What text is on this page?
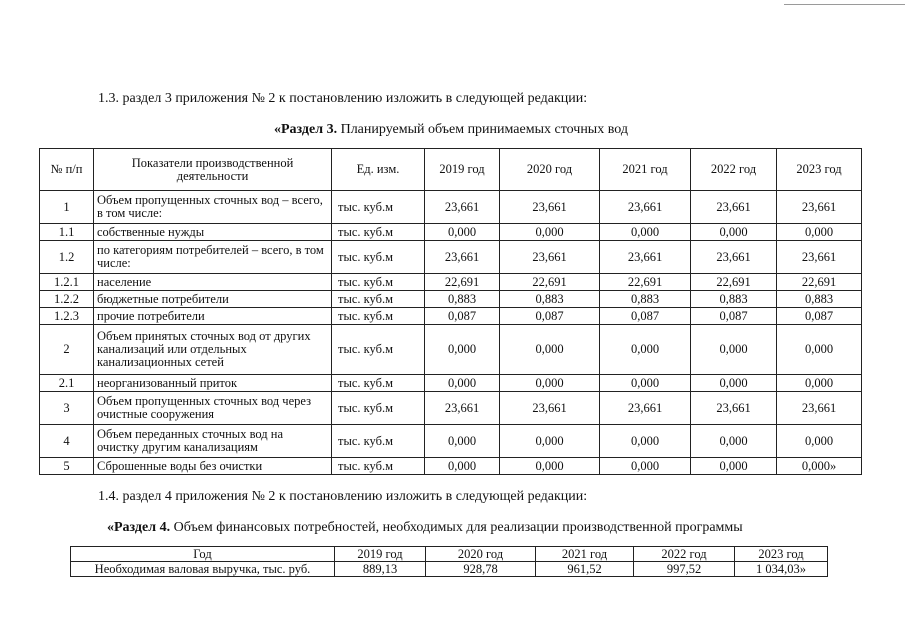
1.3. раздел 3 приложения № 2 к постановлению изложить в следующей редакции:
«Раздел 3. Планируемый объем принимаемых сточных вод
№ п/п	Показатели производственной деятельности	Ед. изм.	2019 год	2020 год	2021 год	2022 год	2023 год
1	Объем пропущенных сточных вод – всего, в том числе:	тыс. куб.м	23,661	23,661	23,661	23,661	23,661
1.1	собственные нужды	тыс. куб.м	0,000	0,000	0,000	0,000	0,000
1.2	по категориям потребителей – всего, в том числе:	тыс. куб.м	23,661	23,661	23,661	23,661	23,661
1.2.1	население	тыс. куб.м	22,691	22,691	22,691	22,691	22,691
1.2.2	бюджетные потребители	тыс. куб.м	0,883	0,883	0,883	0,883	0,883
1.2.3	прочие потребители	тыс. куб.м	0,087	0,087	0,087	0,087	0,087
2	Объем принятых сточных вод от других канализаций или отдельных канализационных сетей	тыс. куб.м	0,000	0,000	0,000	0,000	0,000
2.1	неорганизованный приток	тыс. куб.м	0,000	0,000	0,000	0,000	0,000
3	Объем пропущенных сточных вод через очистные сооружения	тыс. куб.м	23,661	23,661	23,661	23,661	23,661
4	Объем переданных сточных вод на очистку другим канализациям	тыс. куб.м	0,000	0,000	0,000	0,000	0,000
5	Сброшенные воды без очистки	тыс. куб.м	0,000	0,000	0,000	0,000	0,000»
1.4. раздел 4 приложения № 2 к постановлению изложить в следующей редакции:
«Раздел 4. Объем финансовых потребностей, необходимых для реализации производственной программы
Год	2019 год	2020 год	2021 год	2022 год	2023 год
Необходимая валовая выручка, тыс. руб.	889,13	928,78	961,52	997,52	1 034,03»
